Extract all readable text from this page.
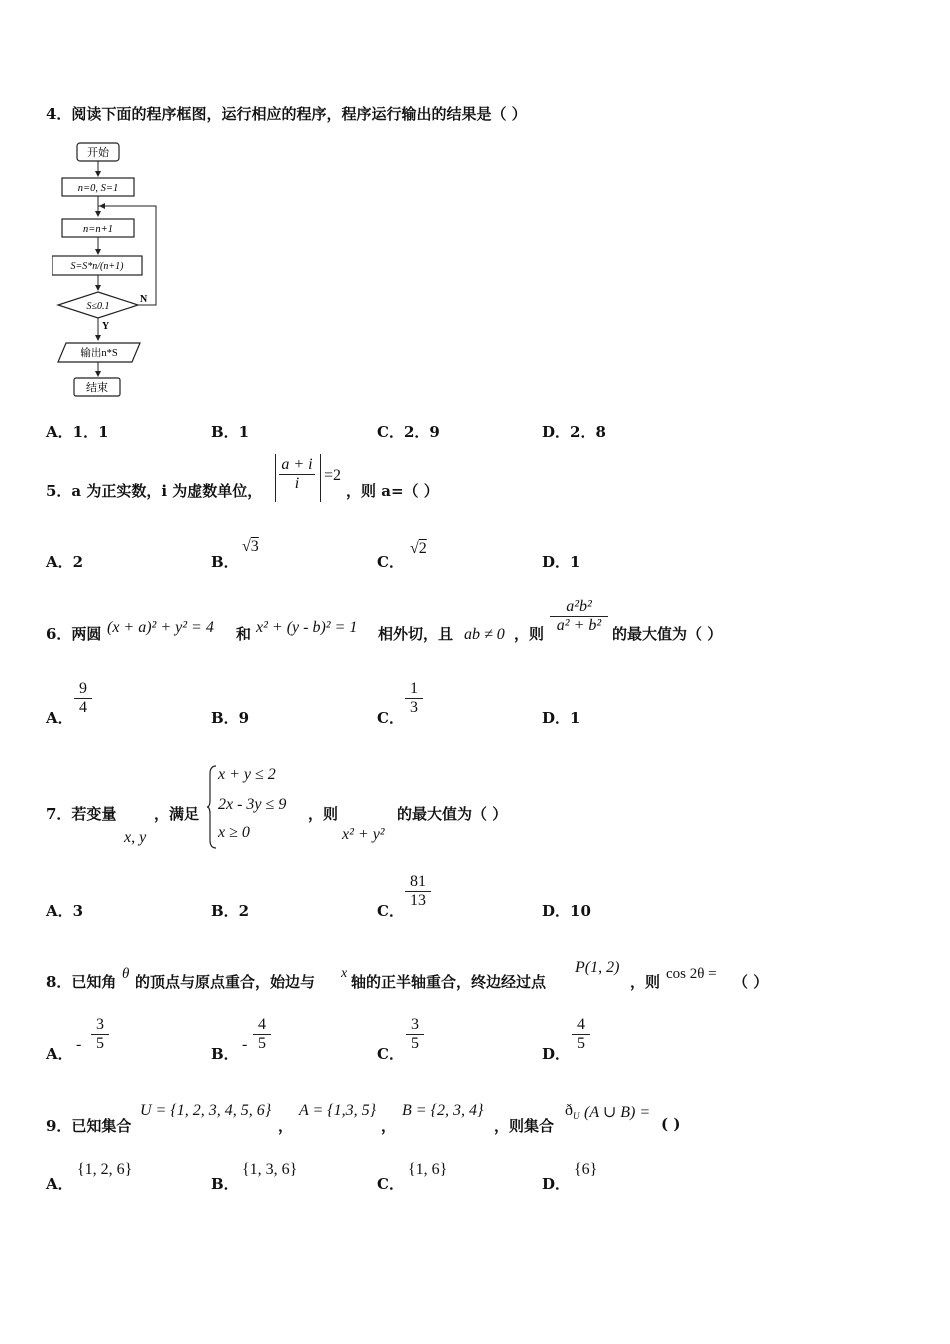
4．阅读下面的程序框图，运行相应的程序，程序运行输出的结果是（ ）
开始
n=0, S=1
n=n+1
S=S*n/(n+1)
S≤0.1
N
Y
输出n*S
结束
A．1．1	B．1	C．2．9	D．2．8
5．a 为正实数，i 为虚数单位， $\frac{a + i}{i} =2$
，则 a=（ ）
A．2	B．
√3
C．
√2
D．1
6．两圆 (x + a)² + y² = 4 和 x² + (y - b)² = 1 相外切，且 ab ≠ 0 ，则 $\frac{\text{a²b²}}{\text{a² + b²}}$ 的最大值为（ ）
A．
$\frac{9}{4}$
B．9	C．
$\frac{1}{3}$
D．1
7．若变量
x, y
，满足
x + y ≤ 2
2x - 3y ≤ 9
x ≥ 0
，则
x² + y²
的最大值为（ ）
A．3	B．2	C．
$\frac{81}{13}$
D．10
8．已知角 θ 的顶点与原点重合，始边与 x 轴的正半轴重合，终边经过点
P(1, 2)
，则 cos 2θ = （ ）
A．
- $\frac{3}{5}$
B．
- $\frac{4}{5}$
C．
$\frac{3}{5}$
D．
$\frac{4}{5}$
9．已知集合
U = {1, 2, 3, 4, 5, 6}
，
A = {1,3, 5}
，
B = {2, 3, 4}
，则集合
$ð_U$ (A ∪ B) =
( )
A．
{1, 2, 6}
B．
{1, 3, 6}
C．
{1, 6}
D．
{6}
